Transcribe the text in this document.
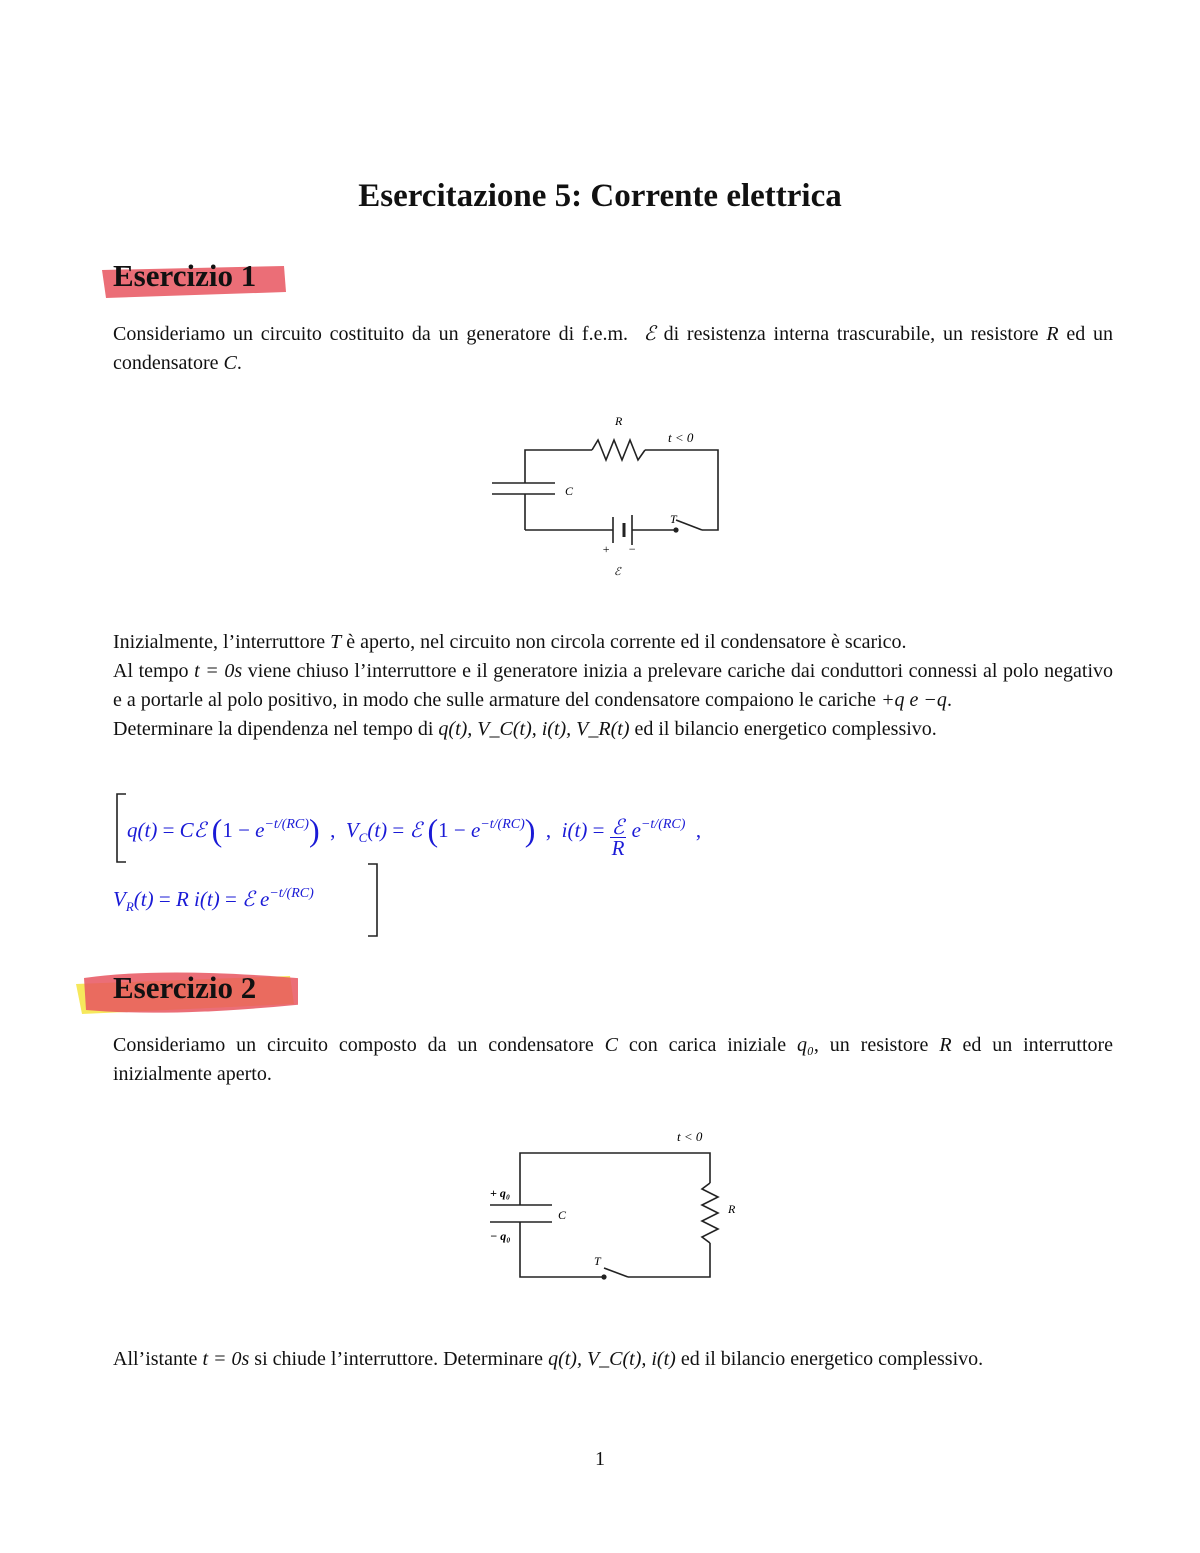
Esercitazione 5: Corrente elettrica
Esercizio 1

Consideriamo un circuito costituito da un generatore di f.e.m. ℰ di resistenza interna trascurabile, un resistore R ed un condensatore C.

R
t < 0
C
T
+ −
ℰ

Inizialmente, l’interruttore T è aperto, nel circuito non circola corrente ed il condensatore è scarico.

Al tempo t = 0s viene chiuso l’interruttore e il generatore inizia a prelevare cariche dai conduttori connessi al polo negativo e a portarle al polo positivo, in modo che sulle armature del condensatore compaiono le cariche +q e −q.

Determinare la dipendenza nel tempo di q(t), V_C(t), i(t), V_R(t) ed il bilancio energetico complessivo.

q(t) = Cℰ $(1 - e^{-t/(RC)})$ ,  $V_C(t)$ = ℰ $(1 - e^{-t/(RC)})$ ,  $i(t) = \frac{\text{ℰ}}{R} e^{-t/(RC)}$ ,
$V_R(t) = R$ i(t) = ℰ $e^{-t/(RC)}$
Esercizio 2

Consideriamo un circuito composto da un condensatore C con carica iniziale q₀, un resistore R ed un interruttore inizialmente aperto.

t < 0
+ q₀
C
− q₀
R
T

All’istante t = 0s si chiude l’interruttore. Determinare q(t), V_C(t), i(t) ed il bilancio energetico complessivo.

1
